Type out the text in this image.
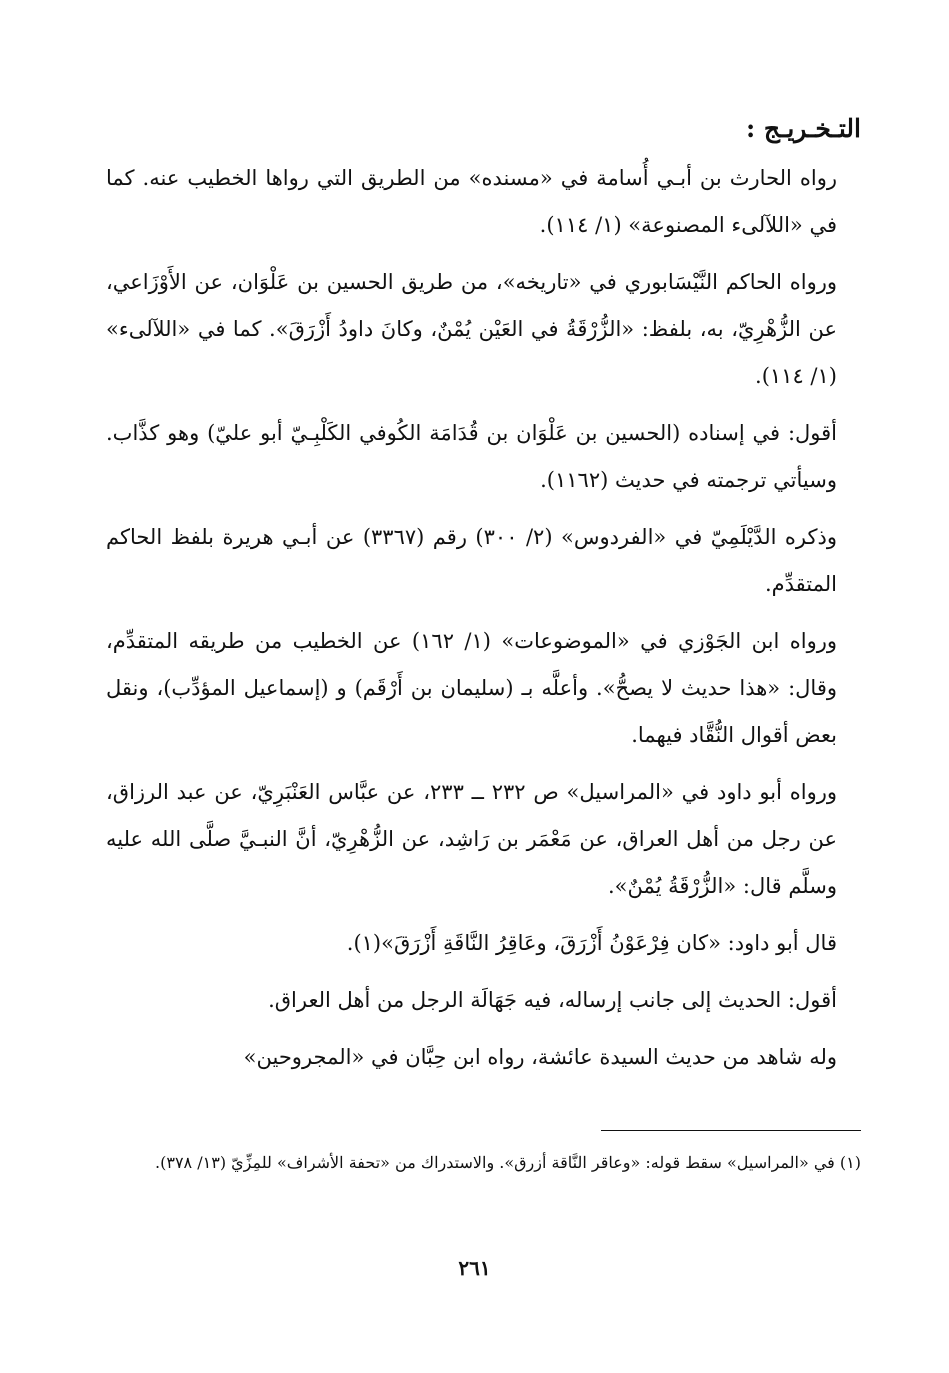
التـخـريـج :

رواه الحارث بن أبـي أُسامة في «مسنده» من الطريق التي رواها الخطيب عنه. كما في «اللآلىء المصنوعة» (١/ ١١٤).

ورواه الحاكم النَّيْسَابوري في «تاريخه»، من طريق الحسين بن عَلْوَان، عن الأَوْزَاعي، عن الزُّهْرِيّ، به، بلفظ: «الزُّرْقَةُ في العَيْن يُمْنٌ، وكانَ داودُ أَزْرَقَ». كما في «اللآلىء» (١/ ١١٤).

أقول: في إسناده (الحسين بن عَلْوَان بن قُدَامَة الكُوفي الكَلْبِـيّ أبو عليّ) وهو كذَّاب. وسيأتي ترجمته في حديث (١١٦٢).

وذكره الدَّيْلَمِيّ في «الفردوس» (٢/ ٣٠٠) رقم (٣٣٦٧) عن أبـي هريرة بلفظ الحاكم المتقدِّم.

ورواه ابن الجَوْزي في «الموضوعات» (١/ ١٦٢) عن الخطيب من طريقه المتقدِّم، وقال: «هذا حديث لا يصحُّ». وأعلَّه بـ (سليمان بن أَرْقَم) و (إسماعيل المؤدِّب)، ونقل بعض أقوال النُّقَّاد فيهما.

ورواه أبو داود في «المراسيل» ص ٢٣٢ ــ ٢٣٣، عن عبَّاس العَنْبَرِيّ، عن عبد الرزاق، عن رجل من أهل العراق، عن مَعْمَر بن رَاشِد، عن الزُّهْرِيّ، أنَّ النبـيَّ صلَّى الله عليه وسلَّم قال: «الزُّرْقَةُ يُمْنٌ».

قال أبو داود: «كان فِرْعَوْنُ أَزْرَقَ، وعَاقِرُ النَّاقَةِ أَزْرَقَ»(١).

أقول: الحديث إلى جانب إرساله، فيه جَهَالَة الرجل من أهل العراق.

وله شاهد من حديث السيدة عائشة، رواه ابن حِبَّان في «المجروحين»

(١) في «المراسيل» سقط قوله: «وعاقر النَّاقة أزرق». والاستدراك من «تحفة الأشراف» للمِزِّيّ (١٣/ ٣٧٨).
٢٦١
